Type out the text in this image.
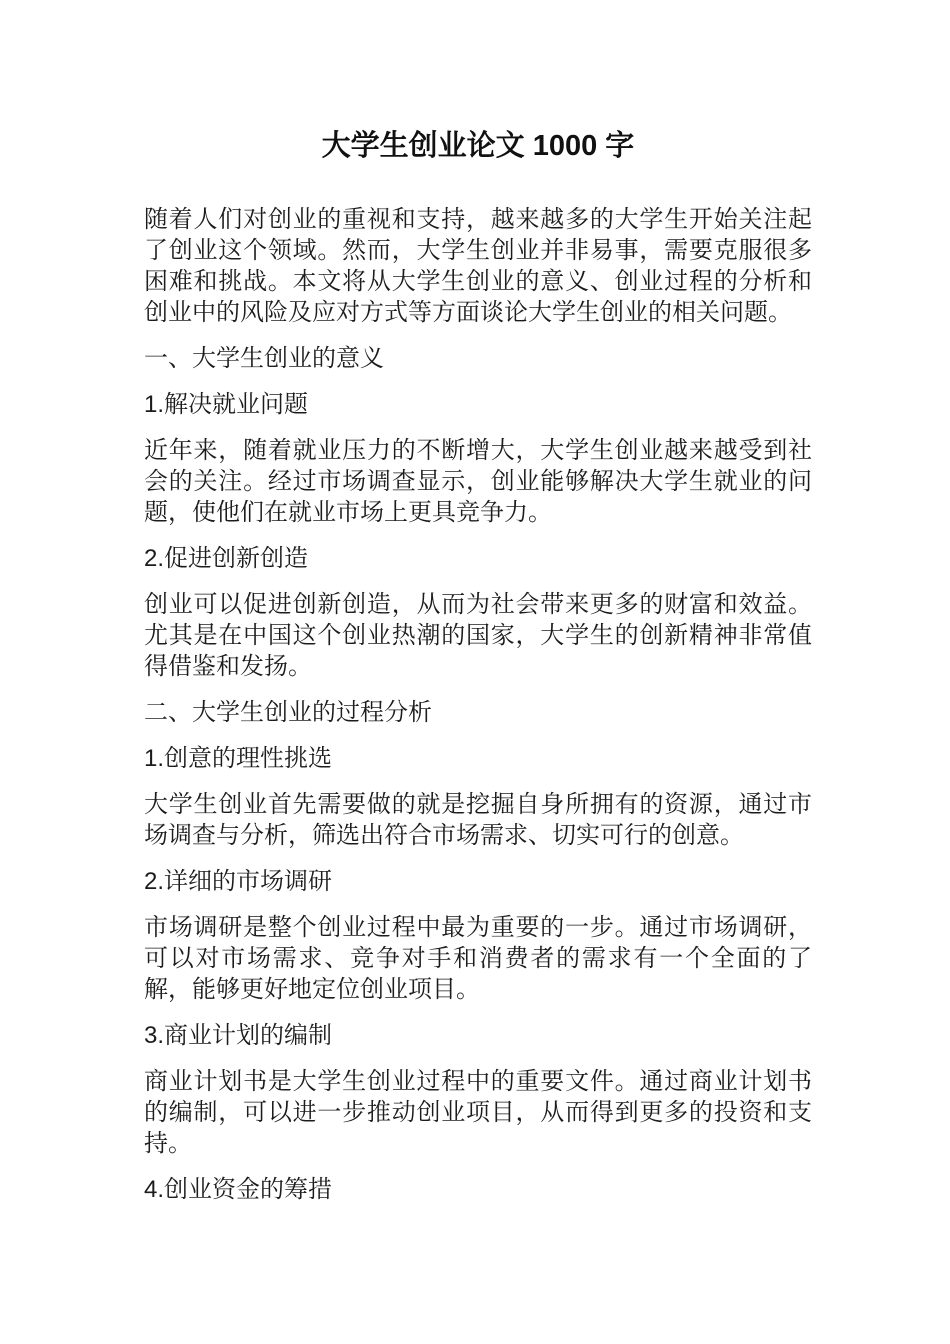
大学生创业论文 1000 字

随着人们对创业的重视和支持，越来越多的大学生开始关注起了创业这个领域。然而，大学生创业并非易事，需要克服很多困难和挑战。本文将从大学生创业的意义、创业过程的分析和创业中的风险及应对方式等方面谈论大学生创业的相关问题。

一、大学生创业的意义

1.解决就业问题

近年来，随着就业压力的不断增大，大学生创业越来越受到社会的关注。经过市场调查显示，创业能够解决大学生就业的问题，使他们在就业市场上更具竞争力。

2.促进创新创造

创业可以促进创新创造，从而为社会带来更多的财富和效益。尤其是在中国这个创业热潮的国家，大学生的创新精神非常值得借鉴和发扬。

二、大学生创业的过程分析

1.创意的理性挑选

大学生创业首先需要做的就是挖掘自身所拥有的资源，通过市场调查与分析，筛选出符合市场需求、切实可行的创意。

2.详细的市场调研

市场调研是整个创业过程中最为重要的一步。通过市场调研，可以对市场需求、竞争对手和消费者的需求有一个全面的了解，能够更好地定位创业项目。

3.商业计划的编制

商业计划书是大学生创业过程中的重要文件。通过商业计划书的编制，可以进一步推动创业项目，从而得到更多的投资和支持。

4.创业资金的筹措
